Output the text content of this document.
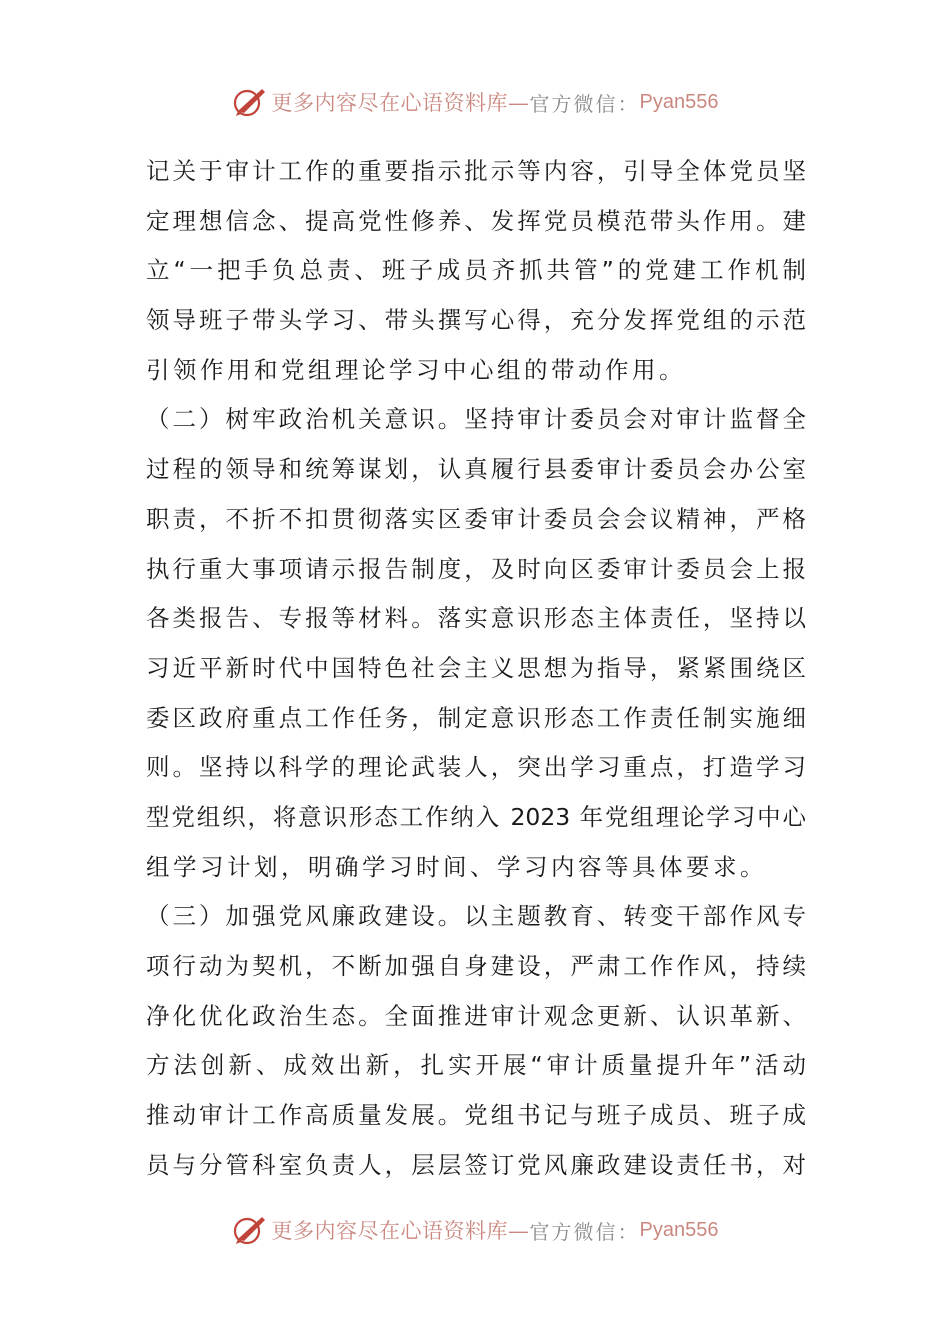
更多内容尽在心语资料库— 官方微信： Pyan556
记关于审计工作的重要指示批示等内容，引导全体党员坚
定理想信念、提高党性修养、发挥党员模范带头作用。建
立“一把手负总责、班子成员齐抓共管”的党建工作机制
领导班子带头学习、带头撰写心得，充分发挥党组的示范
引领作用和党组理论学习中心组的带动作用。
（二）树牢政治机关意识。坚持审计委员会对审计监督全
过程的领导和统筹谋划，认真履行县委审计委员会办公室
职责，不折不扣贯彻落实区委审计委员会会议精神，严格
执行重大事项请示报告制度，及时向区委审计委员会上报
各类报告、专报等材料。落实意识形态主体责任，坚持以
习近平新时代中国特色社会主义思想为指导，紧紧围绕区
委区政府重点工作任务，制定意识形态工作责任制实施细
则。坚持以科学的理论武装人，突出学习重点，打造学习
型党组织，将意识形态工作纳入 2023 年党组理论学习中心
组学习计划，明确学习时间、学习内容等具体要求。
（三）加强党风廉政建设。以主题教育、转变干部作风专
项行动为契机，不断加强自身建设，严肃工作作风，持续
净化优化政治生态。全面推进审计观念更新、认识革新、
方法创新、成效出新，扎实开展“审计质量提升年”活动
推动审计工作高质量发展。党组书记与班子成员、班子成
员与分管科室负责人，层层签订党风廉政建设责任书，对
更多内容尽在心语资料库— 官方微信： Pyan556
